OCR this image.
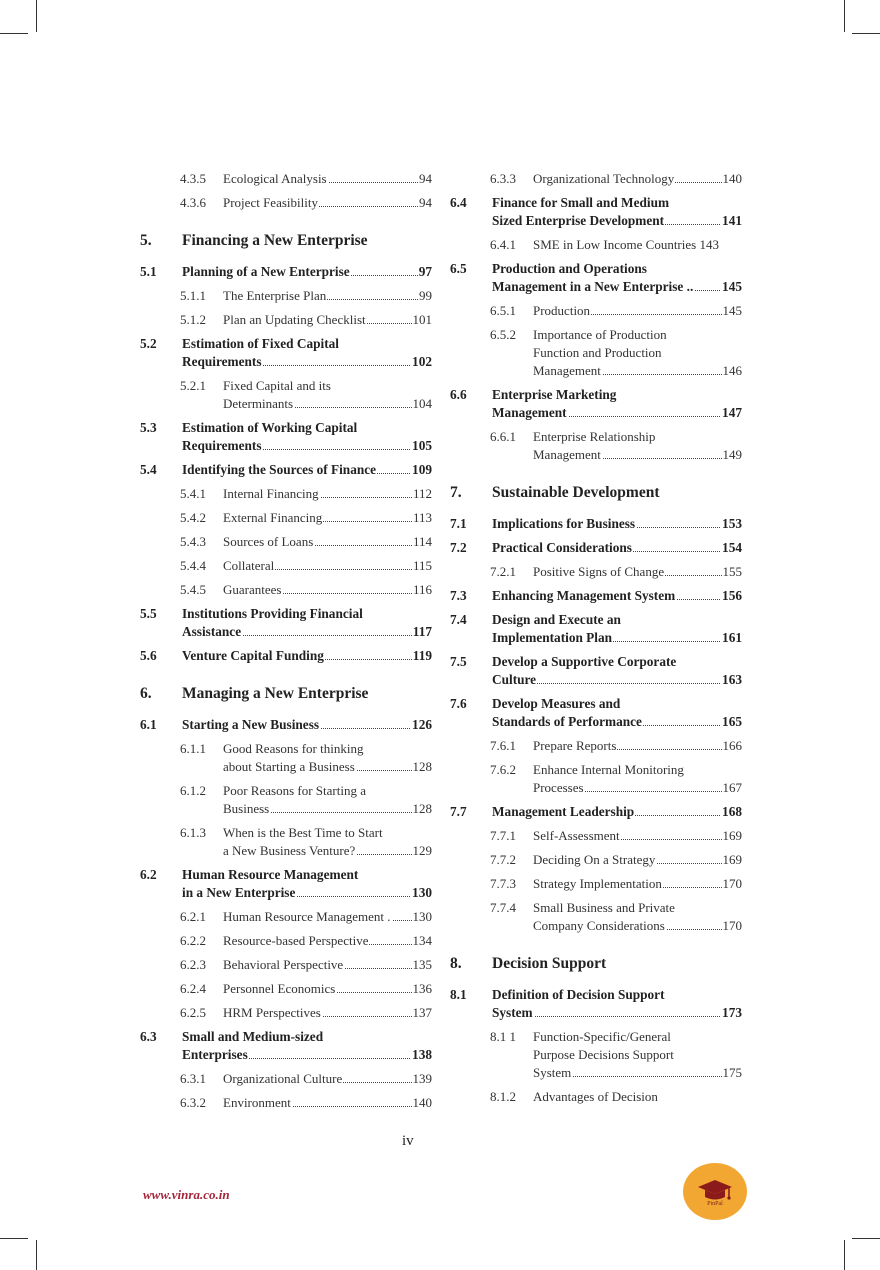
4.3.5 Ecological Analysis	94
4.3.6 Project Feasibility	94
5. Financing a New Enterprise
5.1 Planning of a New Enterprise	97
5.1.1 The Enterprise Plan	99
5.1.2 Plan an Updating Checklist	101
5.2 Estimation of Fixed Capital
Requirements	102
5.2.1 Fixed Capital and its
Determinants	104
5.3 Estimation of Working Capital
Requirements	105
5.4 Identifying the Sources of Finance	109
5.4.1 Internal Financing	112
5.4.2 External Financing	113
5.4.3 Sources of Loans	114
5.4.4 Collateral	115
5.4.5 Guarantees	116
5.5 Institutions Providing Financial
Assistance	117
5.6 Venture Capital Funding	119
6. Managing a New Enterprise
6.1 Starting a New Business	126
6.1.1 Good Reasons for thinking
about Starting a Business	128
6.1.2 Poor Reasons for Starting a
Business	128
6.1.3 When is the Best Time to Start
a New Business Venture?	129
6.2 Human Resource Management
in a New Enterprise	130
6.2.1 Human Resource Management . 130
6.2.2 Resource-based Perspective	134
6.2.3 Behavioral Perspective	135
6.2.4 Personnel Economics	136
6.2.5 HRM Perspectives	137
6.3 Small and Medium-sized
Enterprises	138
6.3.1 Organizational Culture	139
6.3.2 Environment	140
6.3.3 Organizational Technology	140
6.4 Finance for Small and Medium
Sized Enterprise Development	141
6.4.1 SME in Low Income Countries 143
6.5 Production and Operations
Management in a New Enterprise .. 145
6.5.1 Production	145
6.5.2 Importance of Production
Function and Production
Management	146
6.6 Enterprise Marketing
Management	147
6.6.1 Enterprise Relationship
Management	149
7. Sustainable Development
7.1 Implications for Business	153
7.2 Practical Considerations	154
7.2.1 Positive Signs of Change	155
7.3 Enhancing Management System	156
7.4 Design and Execute an
Implementation Plan	161
7.5 Develop a Supportive Corporate
Culture	163
7.6 Develop Measures and
Standards of Performance	165
7.6.1 Prepare Reports	166
7.6.2 Enhance Internal Monitoring
Processes	167
7.7 Management Leadership	168
7.7.1 Self-Assessment	169
7.7.2 Deciding On a Strategy	169
7.7.3 Strategy Implementation	170
7.7.4 Small Business and Private
Company Considerations	170
8. Decision Support
8.1 Definition of Decision Support
System	173
8.1 1 Function-Specific/General
Purpose Decisions Support
System	175
8.1.2 Advantages of Decision
iv
www.vinra.co.in
PinPal
